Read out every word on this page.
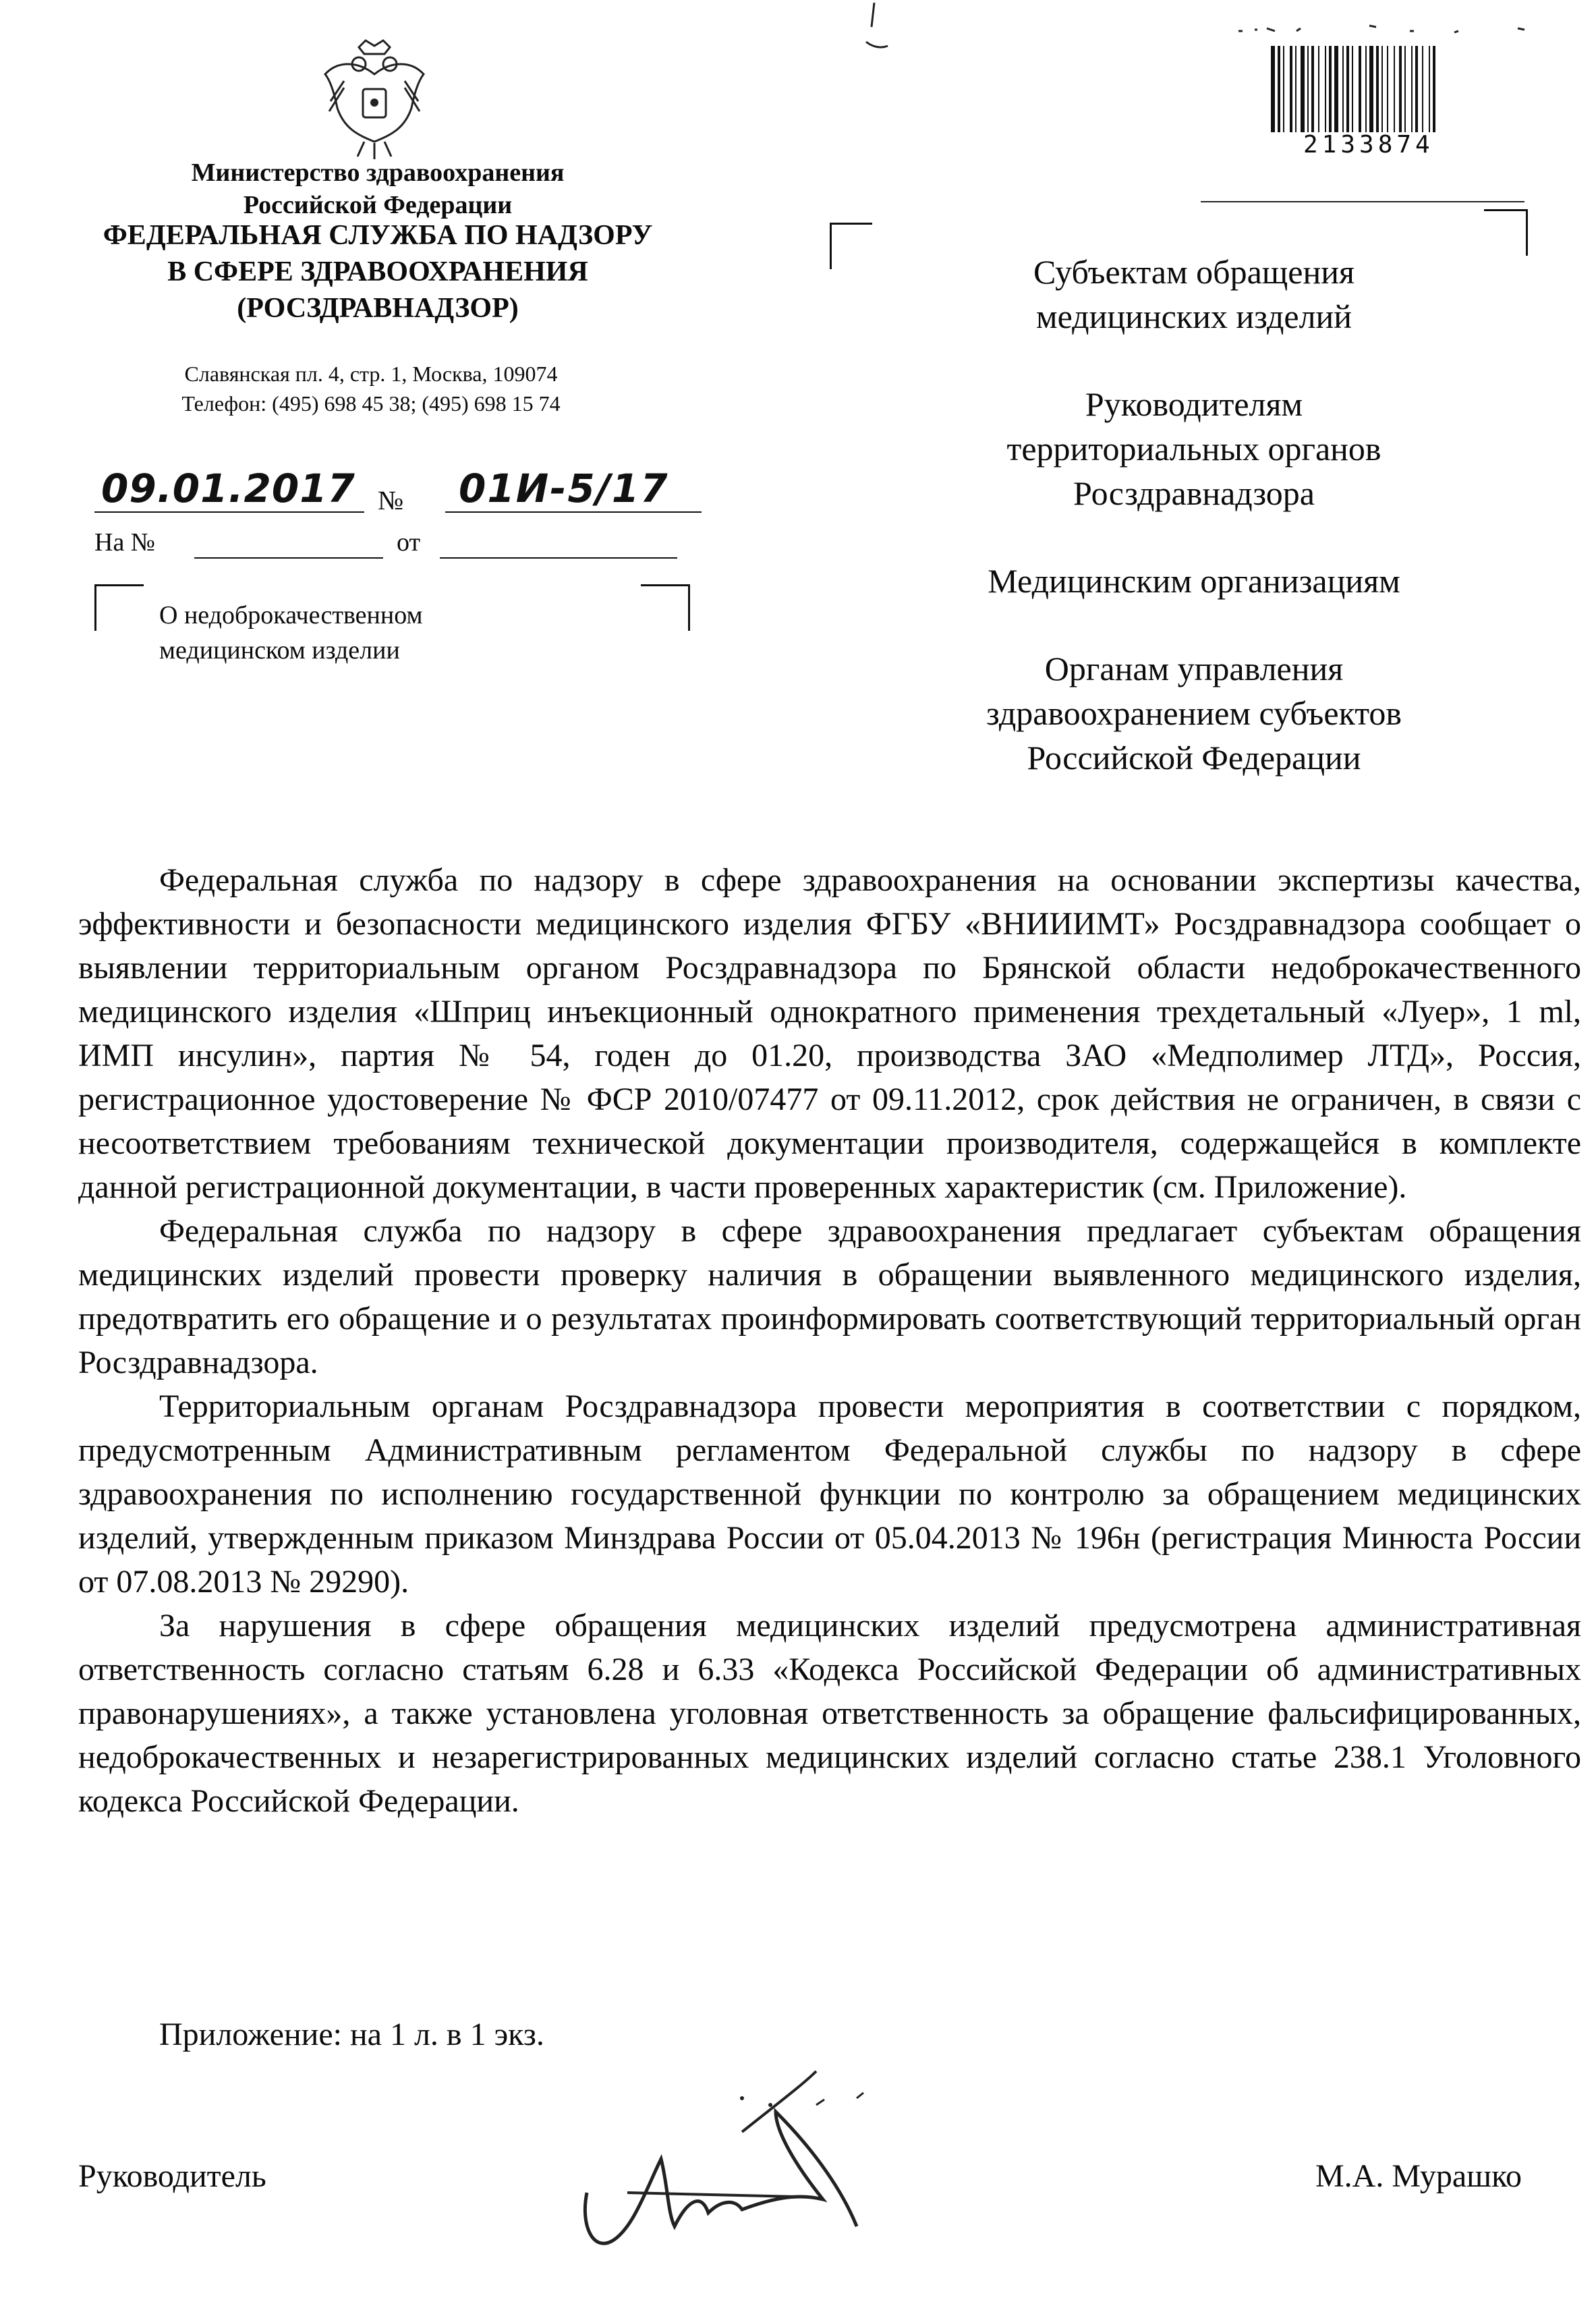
Министерство здравоохранения
Российской Федерации
ФЕДЕРАЛЬНАЯ СЛУЖБА ПО НАДЗОРУ
В СФЕРЕ ЗДРАВООХРАНЕНИЯ
(РОСЗДРАВНАДЗОР)
Славянская пл. 4, стр. 1, Москва, 109074
Телефон: (495) 698 45 38; (495) 698 15 74
09.01.2017 № 01И-5/17
На №	от
О недоброкачественном
медицинском изделии
2133874
Субъектам обращения
медицинских изделий
Руководителям
территориальных органов
Росздравнадзора
Медицинским организациям
Органам управления
здравоохранением субъектов
Российской Федерации

Федеральная служба по надзору в сфере здравоохранения на основании экспертизы качества, эффективности и безопасности медицинского изделия ФГБУ «ВНИИИМТ» Росздравнадзора сообщает о выявлении территориальным органом Росздравнадзора по Брянской области недоброкачественного медицинского изделия «Шприц инъекционный однократного применения трехдетальный «Луер», 1 ml, ИМП инсулин», партия № 54, годен до 01.20, производства ЗАО «Медполимер ЛТД», Россия, регистрационное удостоверение № ФСР 2010/07477 от 09.11.2012, срок действия не ограничен, в связи с несоответствием требованиям технической документации производителя, содержащейся в комплекте данной регистрационной документации, в части проверенных характеристик (см. Приложение).

Федеральная служба по надзору в сфере здравоохранения предлагает субъектам обращения медицинских изделий провести проверку наличия в обращении выявленного медицинского изделия, предотвратить его обращение и о результатах проинформировать соответствующий территориальный орган Росздравнадзора.

Территориальным органам Росздравнадзора провести мероприятия в соответствии с порядком, предусмотренным Административным регламентом Федеральной службы по надзору в сфере здравоохранения по исполнению государственной функции по контролю за обращением медицинских изделий, утвержденным приказом Минздрава России от 05.04.2013 № 196н (регистрация Минюста России от 07.08.2013 № 29290).

За нарушения в сфере обращения медицинских изделий предусмотрена административная ответственность согласно статьям 6.28 и 6.33 «Кодекса Российской Федерации об административных правонарушениях», а также установлена уголовная ответственность за обращение фальсифицированных, недоброкачественных и незарегистрированных медицинских изделий согласно статье 238.1 Уголовного кодекса Российской Федерации.

Приложение: на 1 л. в 1 экз.
Руководитель	М.А. Мурашко
